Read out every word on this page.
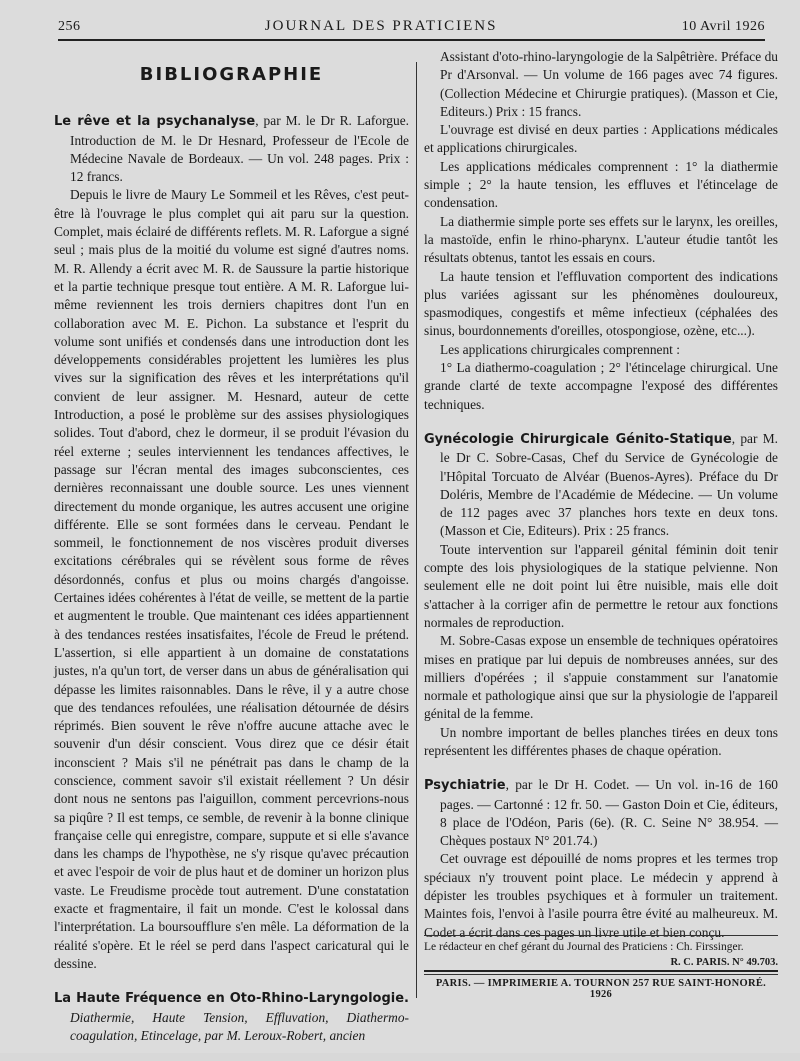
256	JOURNAL DES PRATICIENS	10 Avril 1926
BIBLIOGRAPHIE

Le rêve et la psychanalyse, par M. le Dr R. Laforgue. Introduction de M. le Dr Hesnard, Professeur de l'Ecole de Médecine Navale de Bordeaux. — Un vol. 248 pages. Prix : 12 francs.

Depuis le livre de Maury Le Sommeil et les Rêves, c'est peut-être là l'ouvrage le plus complet qui ait paru sur la question. Complet, mais éclairé de différents reflets. M. R. Laforgue a signé seul ; mais plus de la moitié du volume est signé d'autres noms. M. R. Allendy a écrit avec M. R. de Saussure la partie historique et la partie technique presque tout entière. A M. R. Laforgue lui-même reviennent les trois derniers chapitres dont l'un en collaboration avec M. E. Pichon. La substance et l'esprit du volume sont unifiés et condensés dans une introduction dont les développements considérables projettent les lumières les plus vives sur la signification des rêves et les interprétations qu'il convient de leur assigner. M. Hesnard, auteur de cette Introduction, a posé le problème sur des assises physiologiques solides. Tout d'abord, chez le dormeur, il se produit l'évasion du réel externe ; seules interviennent les tendances affectives, le passage sur l'écran mental des images subconscientes, ces dernières reconnaissant une double source. Les unes viennent directement du monde organique, les autres accusent une origine différente. Elle se sont formées dans le cerveau. Pendant le sommeil, le fonctionnement de nos viscères produit diverses excitations cérébrales qui se révèlent sous forme de rêves désordonnés, confus et plus ou moins chargés d'angoisse. Certaines idées cohérentes à l'état de veille, se mettent de la partie et augmentent le trouble. Que maintenant ces idées appartiennent à des tendances restées insatisfaites, l'école de Freud le prétend. L'assertion, si elle appartient à un domaine de constatations justes, n'a qu'un tort, de verser dans un abus de généralisation qui dépasse les limites raisonnables. Dans le rêve, il y a autre chose que des tendances refoulées, une réalisation détournée de désirs réprimés. Bien souvent le rêve n'offre aucune attache avec le souvenir d'un désir conscient. Vous direz que ce désir était inconscient ? Mais s'il ne pénétrait pas dans le champ de la conscience, comment savoir s'il existait réellement ? Un désir dont nous ne sentons pas l'aiguillon, comment percevrions-nous sa piqûre ? Il est temps, ce semble, de revenir à la bonne clinique française celle qui enregistre, compare, suppute et si elle s'avance dans les champs de l'hypothèse, ne s'y risque qu'avec précaution et avec l'espoir de voir de plus haut et de dominer un horizon plus vaste. Le Freudisme procède tout autrement. D'une constatation exacte et fragmentaire, il fait un monde. C'est le kolossal dans l'interprétation. La boursoufflure s'en mêle. La déformation de la réalité s'opère. Et le réel se perd dans l'aspect caricatural qui le dessine.

La Haute Fréquence en Oto-Rhino-Laryngologie. Diathermie, Haute Tension, Effluvation, Diathermo-coagulation, Etincelage, par M. Leroux-Robert, ancien

Assistant d'oto-rhino-laryngologie de la Salpêtrière. Préface du Pr d'Arsonval. — Un volume de 166 pages avec 74 figures. (Collection Médecine et Chirurgie pratiques). (Masson et Cie, Editeurs.) Prix : 15 francs.

L'ouvrage est divisé en deux parties : Applications médicales et applications chirurgicales.

Les applications médicales comprennent : 1° la diathermie simple ; 2° la haute tension, les effluves et l'étincelage de condensation.

La diathermie simple porte ses effets sur le larynx, les oreilles, la mastoïde, enfin le rhino-pharynx. L'auteur étudie tantôt les résultats obtenus, tantot les essais en cours.

La haute tension et l'effluvation comportent des indications plus variées agissant sur les phénomènes douloureux, spasmodiques, congestifs et même infectieux (céphalées des sinus, bourdonnements d'oreilles, otospongiose, ozène, etc...).

Les applications chirurgicales comprennent :

1° La diathermo-coagulation ; 2° l'étincelage chirurgical. Une grande clarté de texte accompagne l'exposé des différentes techniques.

Gynécologie Chirurgicale Génito-Statique, par M. le Dr C. Sobre-Casas, Chef du Service de Gynécologie de l'Hôpital Torcuato de Alvéar (Buenos-Ayres). Préface du Dr Doléris, Membre de l'Académie de Médecine. — Un volume de 112 pages avec 37 planches hors texte en deux tons. (Masson et Cie, Editeurs). Prix : 25 francs.

Toute intervention sur l'appareil génital féminin doit tenir compte des lois physiologiques de la statique pelvienne. Non seulement elle ne doit point lui être nuisible, mais elle doit s'attacher à la corriger afin de permettre le retour aux fonctions normales de reproduction.

M. Sobre-Casas expose un ensemble de techniques opératoires mises en pratique par lui depuis de nombreuses années, sur des milliers d'opérées ; il s'appuie constamment sur l'anatomie normale et pathologique ainsi que sur la physiologie de l'appareil génital de la femme.

Un nombre important de belles planches tirées en deux tons représentent les différentes phases de chaque opération.

Psychiatrie, par le Dr H. Codet. — Un vol. in-16 de 160 pages. — Cartonné : 12 fr. 50. — Gaston Doin et Cie, éditeurs, 8 place de l'Odéon, Paris (6e). (R. C. Seine N° 38.954. — Chèques postaux N° 201.74.)

Cet ouvrage est dépouillé de noms propres et les termes trop spéciaux n'y trouvent point place. Le médecin y apprend à dépister les troubles psychiques et à formuler un traitement. Maintes fois, l'envoi à l'asile pourra être évité au malheureux. M. Codet a écrit dans ces pages un livre utile et bien conçu.

Le rédacteur en chef gérant du Journal des Praticiens : Ch. Firssinger.
R. C. PARIS. N° 49.703.
PARIS. — IMPRIMERIE A. TOURNON 257 RUE SAINT-HONORÉ. 1926
